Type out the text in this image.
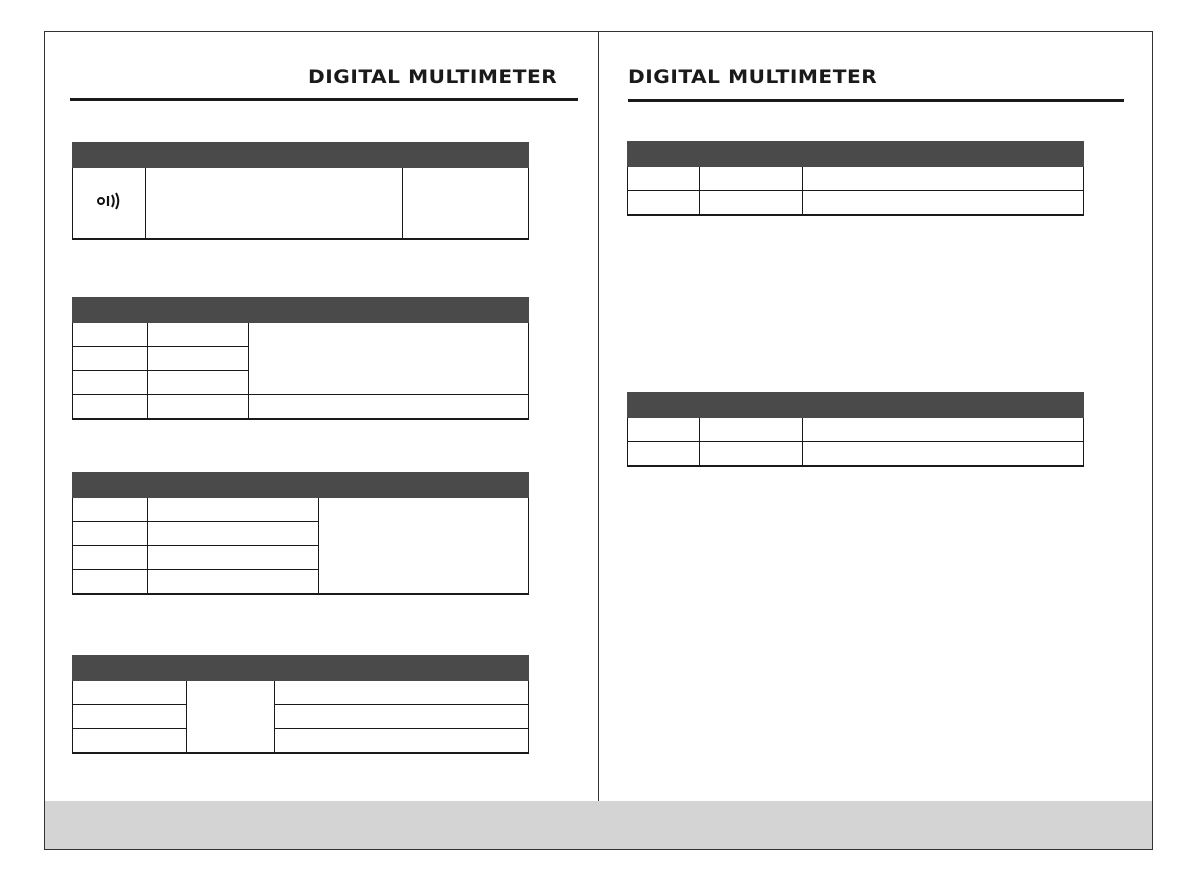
DIGITAL MULTIMETER	DIGITAL MULTIMETER
